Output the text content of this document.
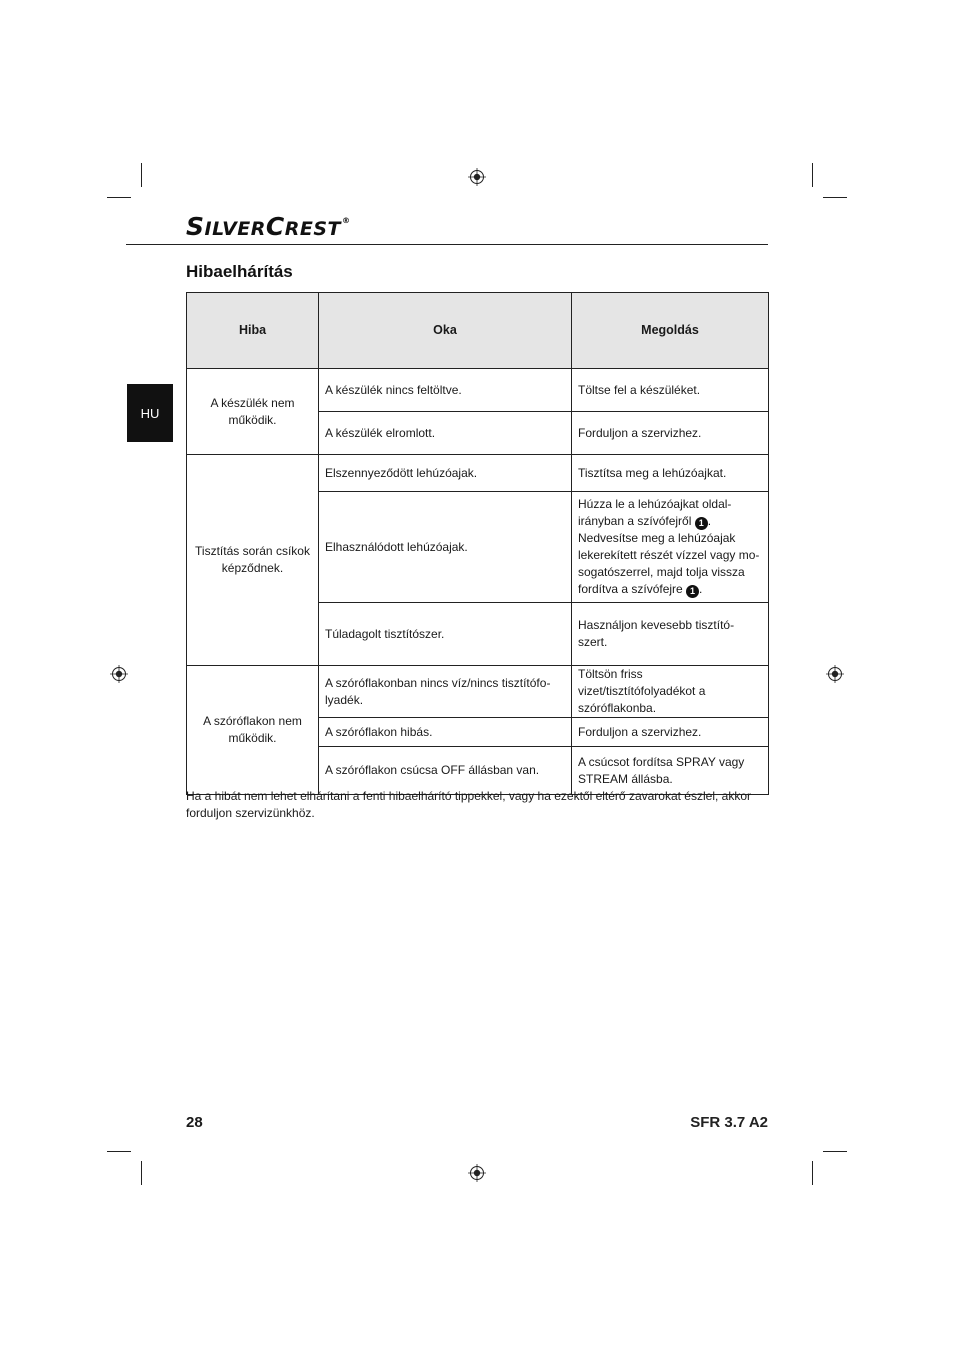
SILVERCREST®
Hibaelhárítás
HU
Hiba	Oka	Megoldás
A készülék nem működik.	A készülék nincs feltöltve.	Töltse fel a készüléket.
	A készülék elromlott.	Forduljon a szervizhez.
Tisztítás során csíkok képződnek.	Elszennyeződött lehúzóajak.	Tisztítsa meg a lehúzóajkat.
	Elhasználódott lehúzóajak.	Húzza le a lehúzóajkat oldal-irányban a szívófejről 1 . Nedvesítse meg a lehúzóajak lekerekített részét vízzel vagy mo-sogatószerrel, majd tolja vissza fordítva a szívófejre 1 .
	Túladagolt tisztítószer.	Használjon kevesebb tisztító-szert.
A szóróflakon nem működik.	A szóróflakonban nincs víz/nincs tisztítófo-lyadék.	Töltsön friss vizet/tisztítófolyadékot a szóróflakonba.
	A szóróflakon hibás.	Forduljon a szervizhez.
	A szóróflakon csúcsa OFF állásban van.	A csúcsot fordítsa SPRAY vagy STREAM állásba.
Ha a hibát nem lehet elhárítani a fenti hibaelhárító tippekkel, vagy ha ezektől eltérő zavarokat észlel, akkor forduljon szervizünkhöz.
28	SFR 3.7 A2
